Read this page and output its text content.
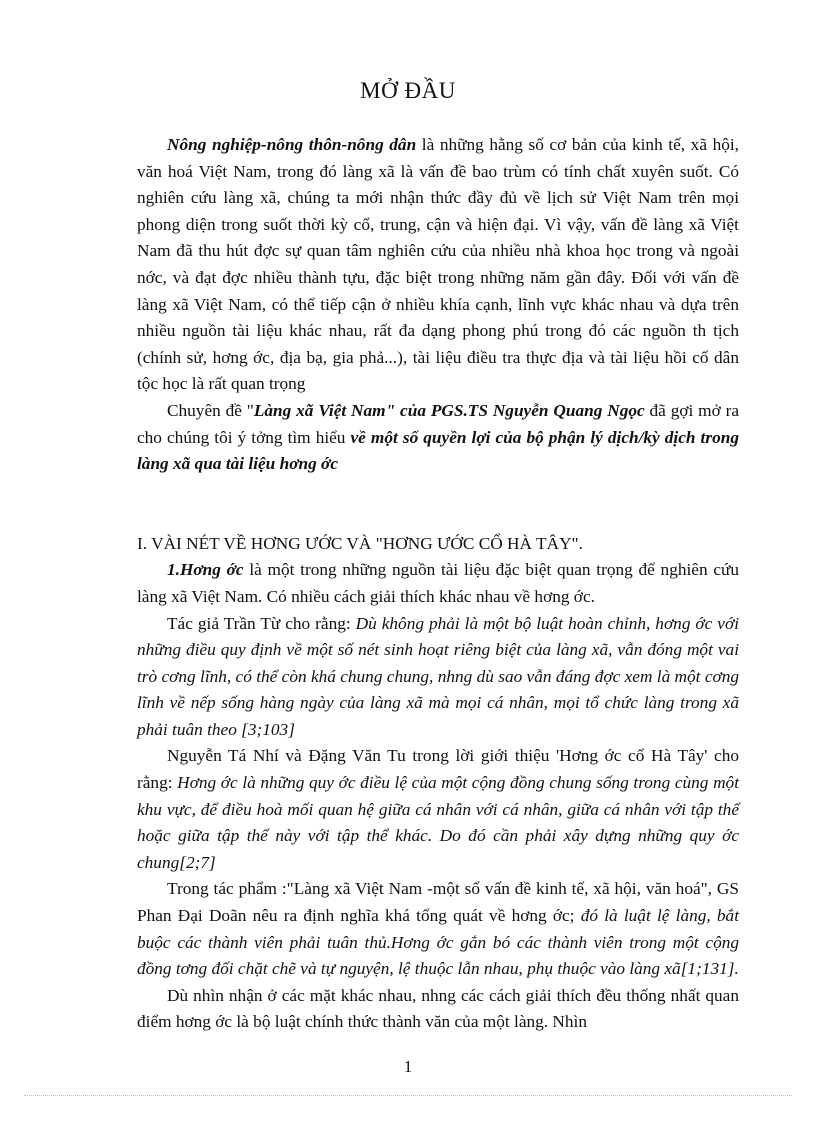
MỞ ĐẦU

Nông nghiệp-nông thôn-nông dân là những hằng số cơ bản của kinh tế, xã hội, văn hoá Việt Nam, trong đó làng xã là vấn đề bao trùm có tính chất xuyên suốt. Có nghiên cứu làng xã, chúng ta mới nhận thức đầy đủ về lịch sử Việt Nam trên mọi phong diện trong suốt thời kỳ cổ, trung, cận và hiện đại. Vì vậy, vấn đề làng xã Việt Nam đã thu hút đợc sự quan tâm nghiên cứu của nhiều nhà khoa học trong và ngoài nớc, và đạt đợc nhiều thành tựu, đặc biệt trong những năm gần đây. Đối với vấn đề làng xã Việt Nam, có thể tiếp cận ở nhiều khía cạnh, lĩnh vực khác nhau và dựa trên nhiều nguồn tài liệu khác nhau, rất đa dạng phong phú trong đó các nguồn th tịch (chính sử, hơng ớc, địa bạ, gia phả...), tài liệu điều tra thực địa và tài liệu hồi cố dân tộc học là rất quan trọng

Chuyên đề "Làng xã Việt Nam" của PGS.TS Nguyễn Quang Ngọc đã gợi mở ra cho chúng tôi ý tởng tìm hiểu về một số quyền lợi của bộ phận lý dịch/kỳ dịch trong làng xã qua tài liệu hơng ớc

I. VÀI NÉT VỀ HƠNG ƯỚC VÀ "HƠNG ƯỚC CỔ HÀ TÂY".

1.Hơng ớc là một trong những nguồn tài liệu đặc biệt quan trọng để nghiên cứu làng xã Việt Nam. Có nhiều cách giải thích khác nhau về hơng ớc.

Tác giả Trần Từ cho rằng: Dù không phải là một bộ luật hoàn chỉnh, hơng ớc với những điều quy định về một số nét sinh hoạt riêng biệt của làng xã, vẫn đóng một vai trò cơng lĩnh, có thể còn khá chung chung, nhng dù sao vẫn đáng đợc xem là một cơng lĩnh về nếp sống hàng ngày của làng xã mà mọi cá nhân, mọi tổ chức làng trong xã phải tuân theo [3;103]

Nguyễn Tá Nhí và Đặng Văn Tu trong lời giới thiệu 'Hơng ớc cổ Hà Tây' cho rằng: Hơng ớc là những quy ớc điều lệ của một cộng đồng chung sống trong cùng một khu vực, để điều hoà mối quan hệ giữa cá nhân với cá nhân, giữa cá nhân với tập thể hoặc giữa tập thể này với tập thể khác. Do đó cần phải xây dựng những quy ớc chung[2;7]

Trong tác phẩm :"Làng xã Việt Nam -một số vấn đề kinh tế, xã hội, văn hoá", GS Phan Đại Doãn nêu ra định nghĩa khá tổng quát về hơng ớc; đó là luật lệ làng, bắt buộc các thành viên phải tuân thủ.Hơng ớc gắn bó các thành viên trong một cộng đồng tơng đối chặt chẽ và tự nguyện, lệ thuộc lẫn nhau, phụ thuộc vào làng xã[1;131].

Dù nhìn nhận ở các mặt khác nhau, nhng các cách giải thích đều thống nhất quan điểm hơng ớc là bộ luật chính thức thành văn của một làng. Nhìn

1
